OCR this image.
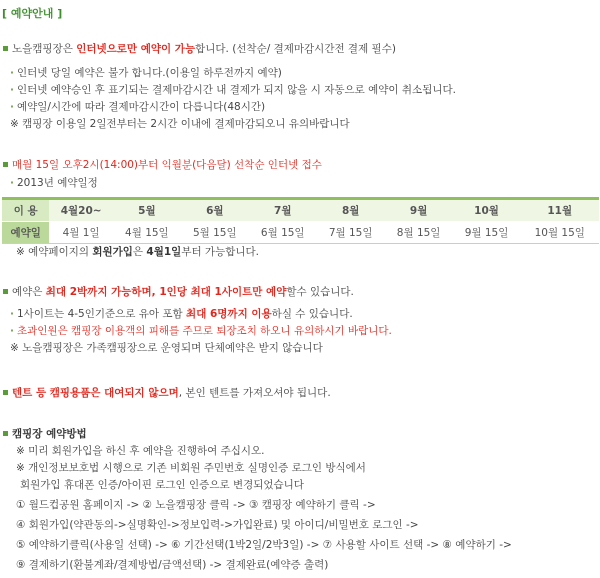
[ 예약안내 ]
노을캠핑장은 인터넷으로만 예약이 가능합니다. (선착순/ 결제마감시간전 결제 필수)
· 인터넷 당일 예약은 불가 합니다.(이용일 하루전까지 예약)
· 인터넷 예약승인 후 표기되는 결제마감시간 내 결제가 되지 않을 시 자동으로 예약이 취소됩니다.
· 예약일/시간에 따라 결제마감시간이 다릅니다(48시간)
※ 캠핑장 이용일 2일전부터는 2시간 이내에 결제마감되오니 유의바랍니다
매월 15일 오후2시(14:00)부터 익월분(다음달) 선착순 인터넷 접수
· 2013년 예약일정
이 용	4월20~	5월	6월	7월	8월	9월	10월	11월
예약일	4월 1일	4월 15일	5월 15일	6월 15일	7월 15일	8월 15일	9월 15일	10월 15일
※ 예약페이지의 회원가입은 4월1일부터 가능합니다.
예약은 최대 2박까지 가능하며, 1인당 최대 1사이트만 예약할수 있습니다.
· 1사이트는 4-5인기준으로 유아 포함 최대 6명까지 이용하실 수 있습니다.
· 초과인원은 캠핑장 이용객의 피해를 주므로 퇴장조치 하오니 유의하시기 바랍니다.
※ 노을캠핑장은 가족캠핑장으로 운영되며 단체예약은 받지 않습니다
텐트 등 캠핑용품은 대여되지 않으며, 본인 텐트를 가져오셔야 됩니다.
캠핑장 예약방법
※ 미리 회원가입을 하신 후 예약을 진행하여 주십시오.
※ 개인정보보호법 시행으로 기존 비회원 주민번호 실명인증 로그인 방식에서
회원가입 휴대폰 인증/아이핀 로그인 인증으로 변경되었습니다
① 월드컵공원 홈페이지 -> ② 노을캠핑장 클릭 -> ③ 캠핑장 예약하기 클릭 ->
④ 회원가입(약관동의->실명확인->정보입력->가입완료) 및 아이디/비밀번호 로그인 ->
⑤ 예약하기클릭(사용일 선택) -> ⑥ 기간선택(1박2일/2박3일) -> ⑦ 사용할 사이트 선택 -> ⑧ 예약하기 ->
⑨ 결제하기(환불계좌/결제방법/금액선택) -> 결제완료(예약증 출력)
